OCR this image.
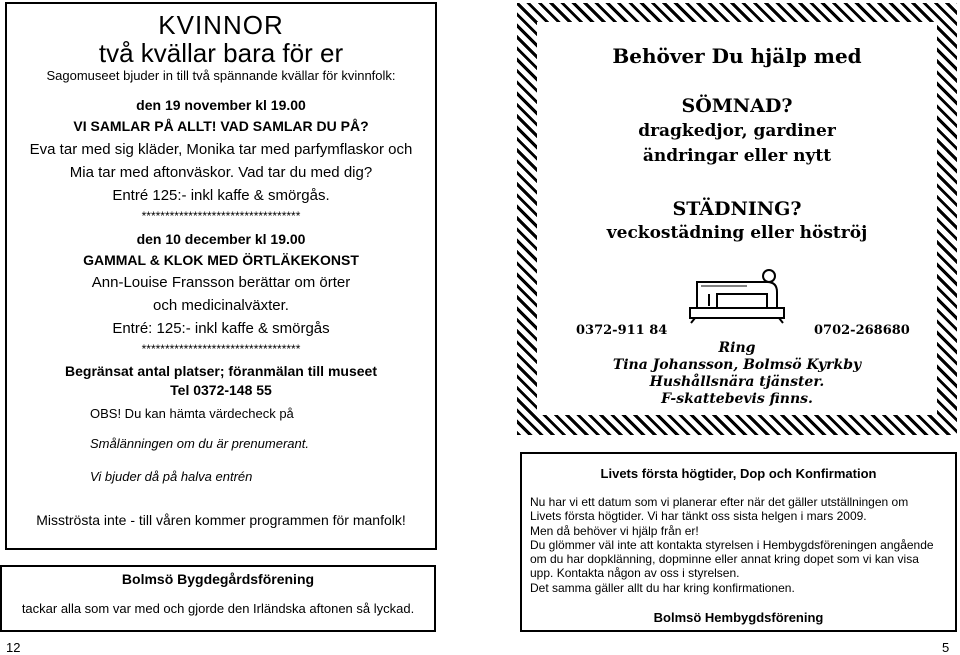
KVINNOR
två kvällar bara för er
Sagomuseet bjuder in till två spännande kvällar för kvinnfolk:
den 19 november kl 19.00
VI SAMLAR PÅ ALLT! VAD SAMLAR DU PÅ?
Eva tar med sig kläder, Monika tar med parfymflaskor och
Mia tar med aftonväskor. Vad tar du med dig?
Entré 125:- inkl kaffe & smörgås.
**********************************
den 10 december kl 19.00
GAMMAL & KLOK MED ÖRTLÄKEKONST
Ann-Louise Fransson berättar om örter
och medicinalväxter.
Entré: 125:- inkl kaffe & smörgås
**********************************
Begränsat antal platser; föranmälan till museet
Tel 0372-148 55
OBS! Du kan hämta värdecheck på
Smålänningen om du är prenumerant.
Vi bjuder då på halva entrén
Misströsta inte - till våren kommer programmen för manfolk!
Bolmsö Bygdegårdsförening
tackar alla som var med och gjorde den Irländska aftonen så lyckad.
Behöver Du hjälp med
SÖMNAD?
dragkedjor, gardiner
ändringar eller nytt
STÄDNING?
veckostädning eller höströj
0372-911 84	0702-268680
Ring
Tina Johansson, Bolmsö Kyrkby
Hushållsnära tjänster.
F-skattebevis finns.
Livets första högtider, Dop och Konfirmation
Nu har vi ett datum som vi planerar efter när det gäller utställningen om
Livets första högtider. Vi har tänkt oss sista helgen i mars 2009.
Men då behöver vi hjälp från er!
Du glömmer väl inte att kontakta styrelsen i Hembygdsföreningen angående
om du har dopklänning, dopminne eller annat kring dopet som vi kan visa
upp. Kontakta någon av oss i styrelsen.
Det samma gäller allt du har kring konfirmationen.
Bolmsö Hembygdsförening
12	5
